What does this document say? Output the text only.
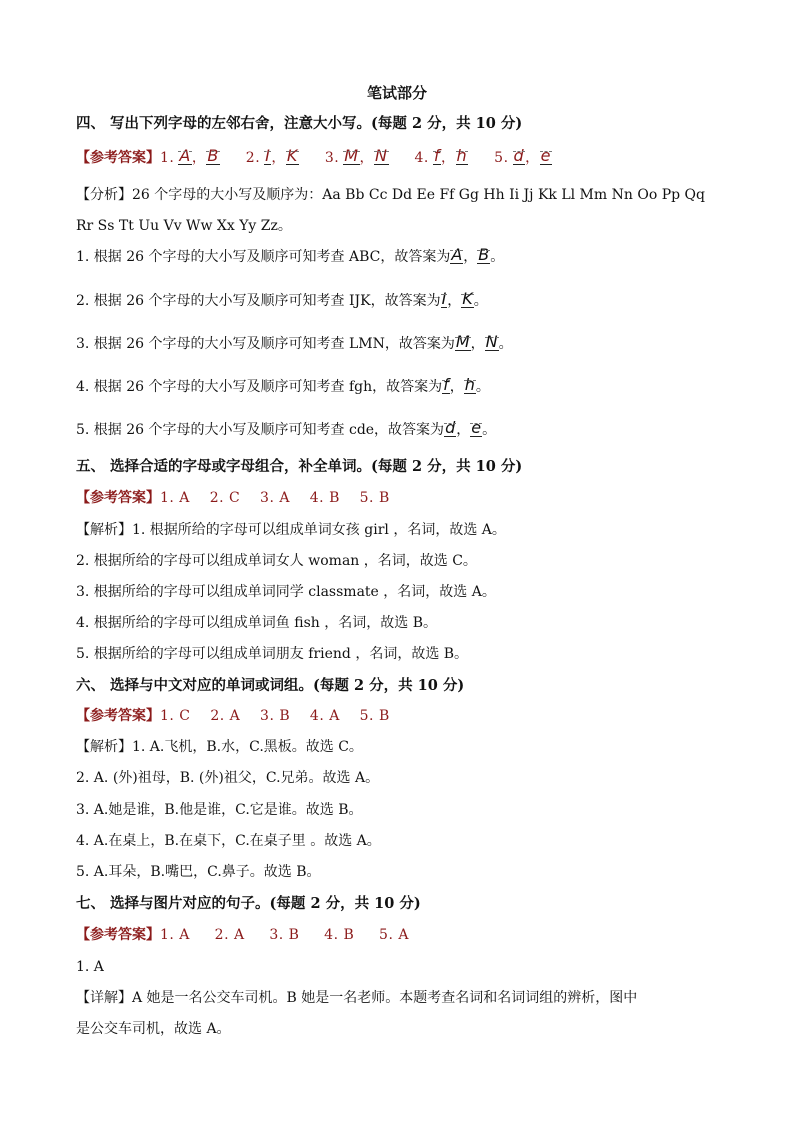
笔试部分
四、 写出下列字母的左邻右舍，注意大小写。(每题 2 分，共 10 分)
【参考答案】1. A，B 2. I，K 3. M，N 4. f，h 5. d，e
【分析】26 个字母的大小写及顺序为：Aa Bb Cc Dd Ee Ff Gg Hh Ii Jj Kk Ll Mm Nn Oo Pp Qq
Rr Ss Tt Uu Vv Ww Xx Yy Zz。
1. 根据 26 个字母的大小写及顺序可知考查 ABC，故答案为A，B。
2. 根据 26 个字母的大小写及顺序可知考查 IJK，故答案为I，K。
3. 根据 26 个字母的大小写及顺序可知考查 LMN，故答案为M，N。
4. 根据 26 个字母的大小写及顺序可知考查 fgh，故答案为f，h。
5. 根据 26 个字母的大小写及顺序可知考查 cde，故答案为d，e。
五、 选择合适的字母或字母组合，补全单词。(每题 2 分，共 10 分)
【参考答案】1. A    2. C    3. A    4. B    5. B
【解析】1. 根据所给的字母可以组成单词女孩 girl ，名词，故选 A。
2. 根据所给的字母可以组成单词女人 woman ，名词，故选 C。
3. 根据所给的字母可以组成单词同学 classmate ，名词，故选 A。
4. 根据所给的字母可以组成单词鱼 fish ，名词，故选 B。
5. 根据所给的字母可以组成单词朋友 friend ，名词，故选 B。
六、 选择与中文对应的单词或词组。(每题 2 分，共 10 分)
【参考答案】1. C    2. A    3. B    4. A    5. B
【解析】1. A.飞机，B.水，C.黑板。故选 C。
2. A. (外)祖母，B. (外)祖父，C.兄弟。故选 A。
3. A.她是谁，B.他是谁，C.它是谁。故选 B。
4. A.在桌上，B.在桌下，C.在桌子里 。故选 A。
5. A.耳朵，B.嘴巴，C.鼻子。故选 B。
七、 选择与图片对应的句子。(每题 2 分，共 10 分)
【参考答案】1. A     2. A     3. B     4. B     5. A
1. A
【详解】A 她是一名公交车司机。B 她是一名老师。本题考查名词和名词词组的辨析，图中
是公交车司机，故选 A。
